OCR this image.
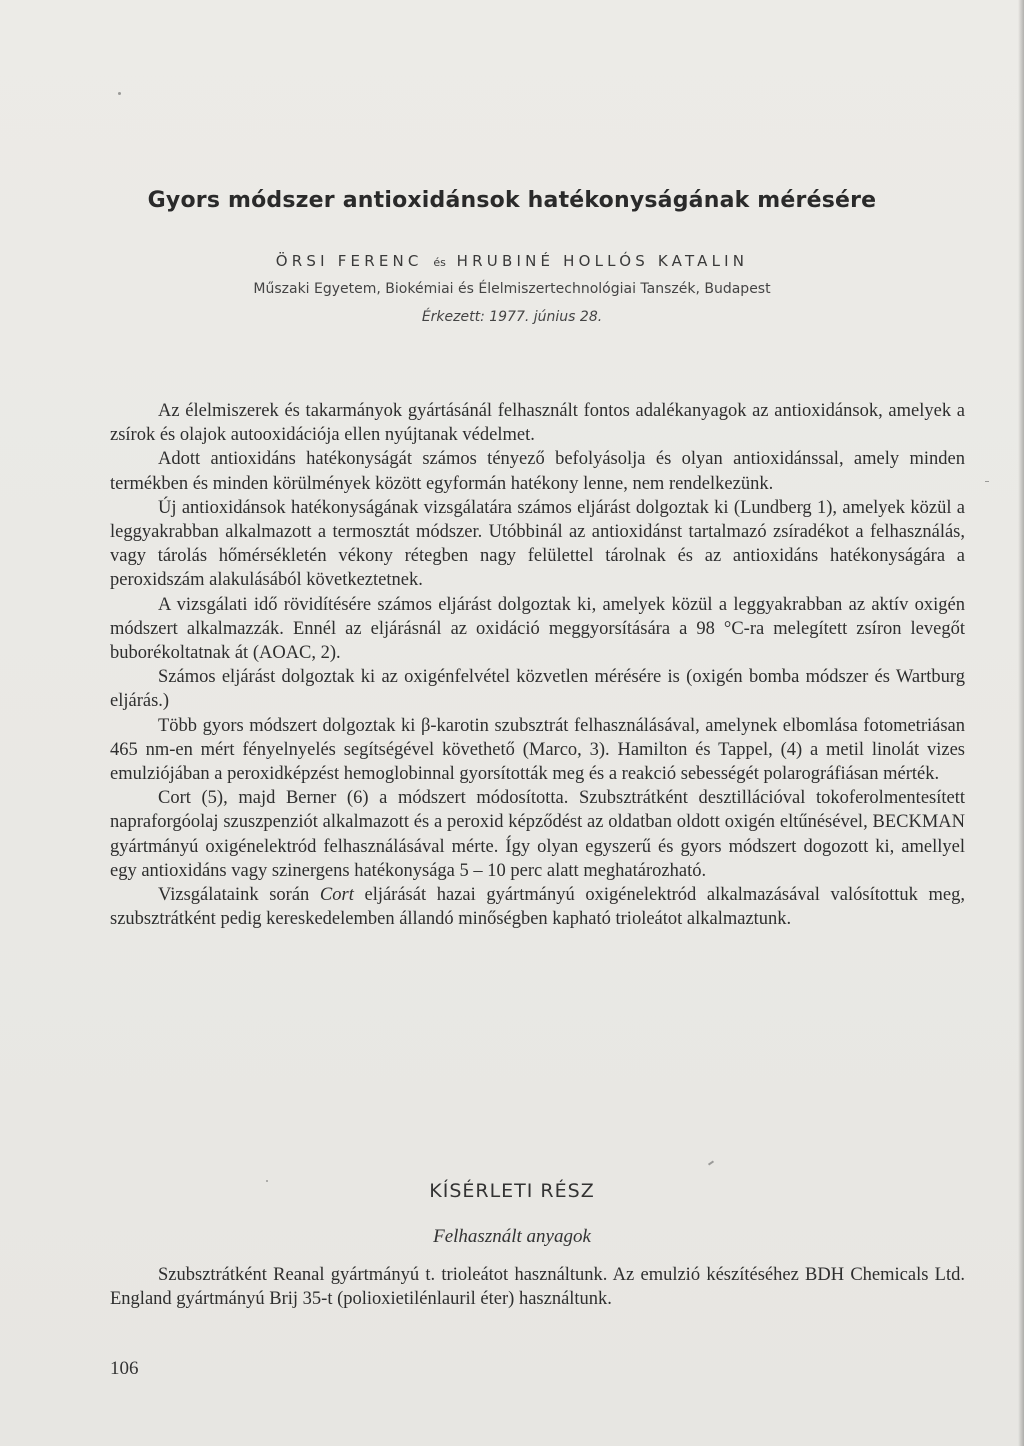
Gyors módszer antioxidánsok hatékonyságának mérésére
ÖRSI FERENC és HRUBINÉ HOLLÓS KATALIN
Műszaki Egyetem, Biokémiai és Élelmiszertechnológiai Tanszék, Budapest
Érkezett: 1977. június 28.

Az élelmiszerek és takarmányok gyártásánál felhasznált fontos adalékanyagok az antioxidánsok, amelyek a zsírok és olajok autooxidációja ellen nyújtanak védelmet.

Adott antioxidáns hatékonyságát számos tényező befolyásolja és olyan antioxidánssal, amely minden termékben és minden körülmények között egyformán hatékony lenne, nem rendelkezünk.

Új antioxidánsok hatékonyságának vizsgálatára számos eljárást dolgoztak ki (Lundberg 1), amelyek közül a leggyakrabban alkalmazott a termosztát módszer. Utóbbinál az antioxidánst tartalmazó zsíradékot a felhasználás, vagy tárolás hőmérsékletén vékony rétegben nagy felülettel tárolnak és az antioxidáns hatékonyságára a peroxidszám alakulásából következtetnek.

A vizsgálati idő rövidítésére számos eljárást dolgoztak ki, amelyek közül a leggyakrabban az aktív oxigén módszert alkalmazzák. Ennél az eljárásnál az oxidáció meggyorsítására a 98 °C-ra melegített zsíron levegőt buborékoltatnak át (AOAC, 2).

Számos eljárást dolgoztak ki az oxigénfelvétel közvetlen mérésére is (oxigén bomba módszer és Wartburg eljárás.)

Több gyors módszert dolgoztak ki β-karotin szubsztrát felhasználásával, amelynek elbomlása fotometriásan 465 nm-en mért fényelnyelés segítségével követhető (Marco, 3). Hamilton és Tappel, (4) a metil linolát vizes emulziójában a peroxidképzést hemoglobinnal gyorsították meg és a reakció sebességét polarográfiásan mérték.

Cort (5), majd Berner (6) a módszert módosította. Szubsztrátként desztillációval tokoferolmentesített napraforgóolaj szuszpenziót alkalmazott és a peroxid képződést az oldatban oldott oxigén eltűnésével, BECKMAN gyártmányú oxigénelektród felhasználásával mérte. Így olyan egyszerű és gyors módszert dogozott ki, amellyel egy antioxidáns vagy szinergens hatékonysága 5 – 10 perc alatt meghatározható.

Vizsgálataink során Cort eljárását hazai gyártmányú oxigénelektród alkalmazásával valósítottuk meg, szubsztrátként pedig kereskedelemben állandó minőségben kapható trioleátot alkalmaztunk.

KÍSÉRLETI RÉSZ
Felhasznált anyagok

Szubsztrátként Reanal gyártmányú t. trioleátot használtunk. Az emulzió készítéséhez BDH Chemicals Ltd. England gyártmányú Brij 35-t (polioxietilénlauril éter) használtunk.

106
